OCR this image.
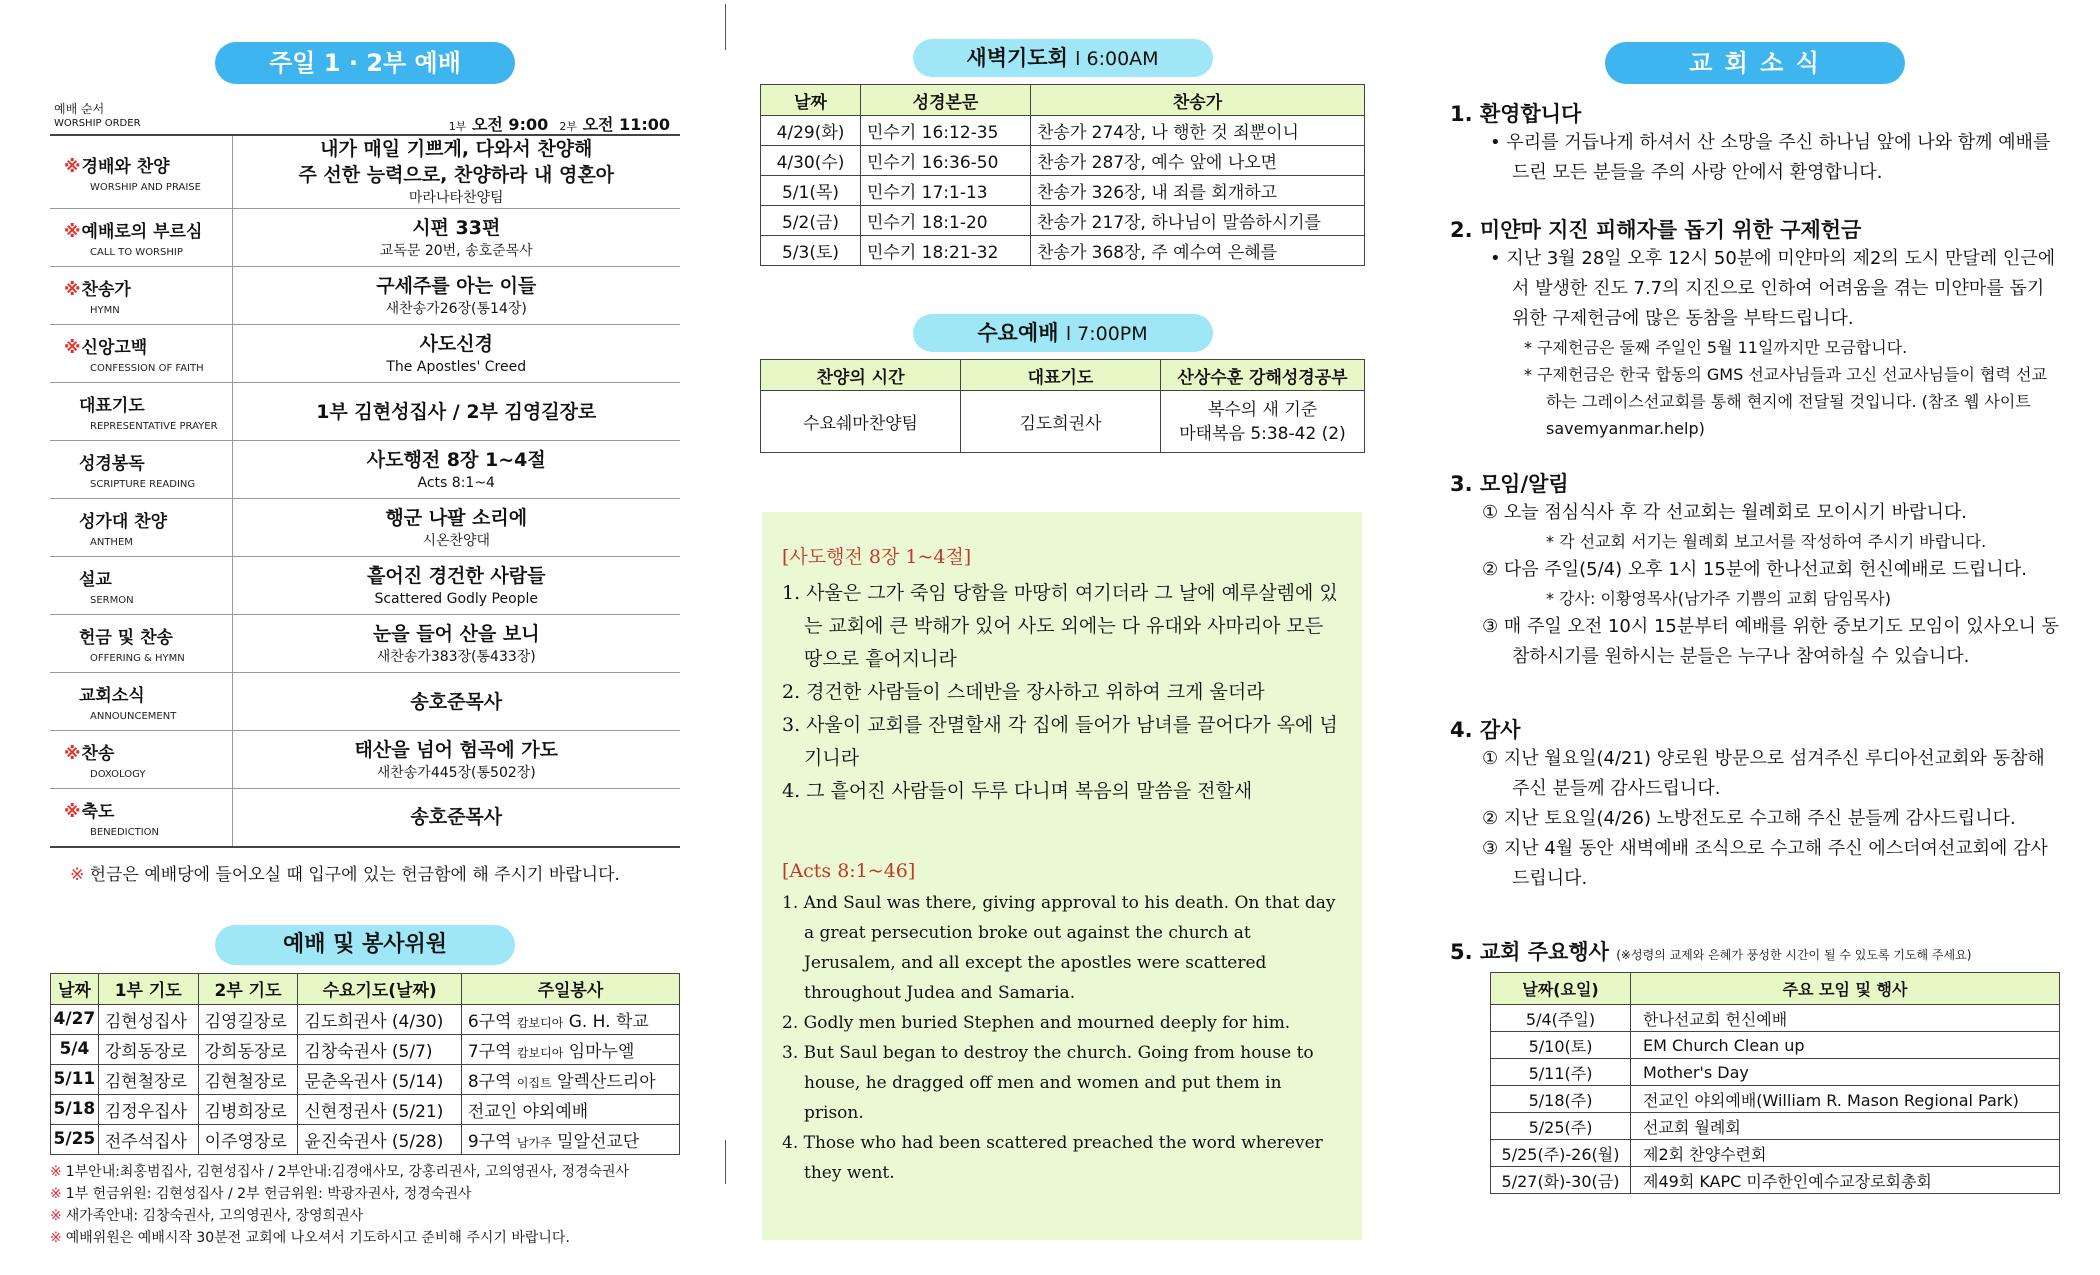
주일 1 · 2부 예배
예배 순서
WORSHIP ORDER	1부 오전 9:00 2부 오전 11:00
※경배와 찬양
WORSHIP AND PRAISE	내가 매일 기쁘게, 다와서 찬양해
주 선한 능력으로, 찬양하라 내 영혼아
마라나타찬양팀

※예배로의 부르심
CALL TO WORSHIP	시편 33편
교독문 20번, 송호준목사

※찬송가
HYMN	구세주를 아는 이들
새찬송가26장(통14장)

※신앙고백
CONFESSION OF FAITH	사도신경
The Apostles' Creed

대표기도
REPRESENTATIVE PRAYER	1부 김현성집사 / 2부 김영길장로

성경봉독
SCRIPTURE READING	사도행전 8장 1~4절
Acts 8:1~4

성가대 찬양
ANTHEM	행군 나팔 소리에
시온찬양대

설교
SERMON	흩어진 경건한 사람들
Scattered Godly People

헌금 및 찬송
OFFERING & HYMN	눈을 들어 산을 보니
새찬송가383장(통433장)

교회소식
ANNOUNCEMENT	송호준목사

※찬송
DOXOLOGY	태산을 넘어 험곡에 가도
새찬송가445장(통502장)

※축도
BENEDICTION	송호준목사

※ 헌금은 예배당에 들어오실 때 입구에 있는 헌금함에 해 주시기 바랍니다.

예배 및 봉사위원
날짜	1부 기도	2부 기도	수요기도(날짜)	주일봉사
4/27	김현성집사	김영길장로	김도희권사 (4/30)	6구역 캄보디아 G. H. 학교
5/4	강희동장로	강희동장로	김창숙권사 (5/7)	7구역 캄보디아 임마누엘
5/11	김현철장로	김현철장로	문춘옥권사 (5/14)	8구역 이집트 알렉산드리아
5/18	김정우집사	김병희장로	신현정권사 (5/21)	전교인 야외예배
5/25	전주석집사	이주영장로	윤진숙권사 (5/28)	9구역 남가주 밀알선교단

※ 1부안내:최홍범집사, 김현성집사 / 2부안내:김경애사모, 강홍리권사, 고의영권사, 정경숙권사

※ 1부 헌금위원: 김현성집사 / 2부 헌금위원: 박광자권사, 정경숙권사

※ 새가족안내: 김창숙권사, 고의영권사, 장영희권사

※ 예배위원은 예배시작 30분전 교회에 나오셔서 기도하시고 준비해 주시기 바랍니다.

새벽기도회 l 6:00AM
날짜	성경본문	찬송가
4/29(화)	민수기 16:12-35	찬송가 274장, 나 행한 것 죄뿐이니
4/30(수)	민수기 16:36-50	찬송가 287장, 예수 앞에 나오면
5/1(목)	민수기 17:1-13	찬송가 326장, 내 죄를 회개하고
5/2(금)	민수기 18:1-20	찬송가 217장, 하나님이 말씀하시기를
5/3(토)	민수기 18:21-32	찬송가 368장, 주 예수여 은혜를
수요예배 l 7:00PM
찬양의 시간	대표기도	산상수훈 강해성경공부
수요쉐마찬양팀	김도희권사	복수의 새 기준
마태복음 5:38-42 (2)
[사도행전 8장 1~4절]
1. 사울은 그가 죽임 당함을 마땅히 여기더라 그 날에 예루살렘에 있는 교회에 큰 박해가 있어 사도 외에는 다 유대와 사마리아 모든 땅으로 흩어지니라
2. 경건한 사람들이 스데반을 장사하고 위하여 크게 울더라
3. 사울이 교회를 잔멸할새 각 집에 들어가 남녀를 끌어다가 옥에 넘기니라
4. 그 흩어진 사람들이 두루 다니며 복음의 말씀을 전할새
[Acts 8:1~46]
1. And Saul was there, giving approval to his death. On that day a great persecution broke out against the church at Jerusalem, and all except the apostles were scattered throughout Judea and Samaria.
2. Godly men buried Stephen and mourned deeply for him.
3. But Saul began to destroy the church. Going from house to house, he dragged off men and women and put them in prison.
4. Those who had been scattered preached the word wherever they went.
교 회 소 식
1. 환영합니다

• 우리를 거듭나게 하셔서 산 소망을 주신 하나님 앞에 나와 함께 예배를 드린 모든 분들을 주의 사랑 안에서 환영합니다.

2. 미얀마 지진 피해자를 돕기 위한 구제헌금

• 지난 3월 28일 오후 12시 50분에 미얀마의 제2의 도시 만달레 인근에서 발생한 진도 7.7의 지진으로 인하여 어려움을 겪는 미얀마를 돕기 위한 구제헌금에 많은 동참을 부탁드립니다.

* 구제헌금은 둘째 주일인 5월 11일까지만 모금합니다.

* 구제헌금은 한국 합동의 GMS 선교사님들과 고신 선교사님들이 협력 선교하는 그레이스선교회를 통해 현지에 전달될 것입니다. (참조 웹 사이트 savemyanmar.help)

3. 모임/알림

① 오늘 점심식사 후 각 선교회는 월례회로 모이시기 바랍니다.

* 각 선교회 서기는 월례회 보고서를 작성하여 주시기 바랍니다.

② 다음 주일(5/4) 오후 1시 15분에 한나선교회 헌신예배로 드립니다.

* 강사: 이황영목사(남가주 기쁨의 교회 담임목사)

③ 매 주일 오전 10시 15분부터 예배를 위한 중보기도 모임이 있사오니 동참하시기를 원하시는 분들은 누구나 참여하실 수 있습니다.

4. 감사

① 지난 월요일(4/21) 양로원 방문으로 섬겨주신 루디아선교회와 동참해 주신 분들께 감사드립니다.

② 지난 토요일(4/26) 노방전도로 수고해 주신 분들께 감사드립니다.

③ 지난 4월 동안 새벽예배 조식으로 수고해 주신 에스더여선교회에 감사드립니다.

5. 교회 주요행사 (※성령의 교제와 은혜가 풍성한 시간이 될 수 있도록 기도해 주세요)
날짜(요일)	주요 모임 및 행사
5/4(주일)	한나선교회 헌신예배
5/10(토)	EM Church Clean up
5/11(주)	Mother's Day
5/18(주)	전교인 야외예배(William R. Mason Regional Park)
5/25(주)	선교회 월례회
5/25(주)-26(월)	제2회 찬양수련회
5/27(화)-30(금)	제49회 KAPC 미주한인예수교장로회총회
